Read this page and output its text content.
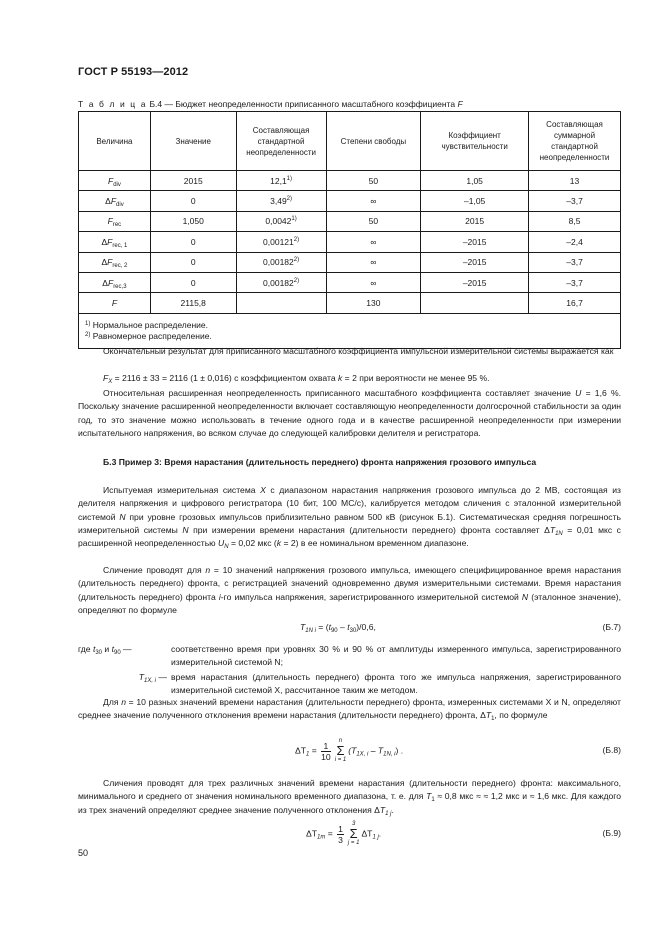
ГОСТ Р 55193—2012
Т а б л и ц а Б.4 — Бюджет неопределенности приписанного масштабного коэффициента F
Величина	Значение	Составляющая стандартной неопределенности	Степени свободы	Коэффициент чувствительности	Составляющая суммарной стандартной неопределенности
$F_{div}$	2015	12,1$^{1)}$	50	1,05	13
$\Delta F_{div}$	0	3,49$^{2)}$	∞	–1,05	–3,7
$F_{rec}$	1,050	0,0042$^{1)}$	50	2015	8,5
$\Delta F_{rec, 1}$	0	0,00121$^{2)}$	∞	–2015	–2,4
$\Delta F_{rec, 2}$	0	0,00182$^{2)}$	∞	–2015	–3,7
$\Delta F_{rec,3}$	0	0,00182$^{2)}$	∞	–2015	–3,7
F	2115,8		130		16,7

$^{1)}$ Нормальное распределение.
$^{2)}$ Равномерное распределение.					
Окончательный результат для приписанного масштабного коэффициента импульсной измерительной системы выражается как
$F_X = 2116 \pm 33 = 2116$ (1 ± 0,016) с коэффициентом охвата k = 2 при вероятности не менее 95 %.
Относительная расширенная неопределенность приписанного масштабного коэффициента составляет значение U = 1,6 %. Поскольку значение расширенной неопределенности включает составляющую неопределенности долгосрочной стабильности за один год, то это значение можно использовать в течение одного года и в качестве расширенной неопределенности при измерении испытательного напряжения, во всяком случае до следующей калибровки делителя и регистратора.
Б.3 Пример 3: Время нарастания (длительность переднего) фронта напряжения грозового импульса
Испытуемая измерительная система X с диапазоном нарастания напряжения грозового импульса до 2 МВ, состоящая из делителя напряжения и цифрового регистратора (10 бит, 100 МС/с), калибруется методом сличения с эталонной измерительной системой N при уровне грозовых импульсов приблизительно равном 500 кВ (рисунок Б.1). Систематическая средняя погрешность измерительной системы N при измерении времени нарастания (длительности переднего) фронта составляет $\Delta T_{1N} = 0,01$ мкс с расширенной неопределенностью $U_N = 0,02$ мкс (k = 2) в ее номинальном временном диапазоне.
Сличение проводят для n = 10 значений напряжения грозового импульса, имеющего специфицированное время нарастания (длительность переднего) фронта, с регистрацией значений одновременно двумя измерительными системами. Время нарастания (длительность переднего) фронта i-го импульса напряжения, зарегистрированного измерительной системой N (эталонное значение), определяют по формуле
$T_{1N i} = (t_{90} - t_{30})/0,6$,	(Б.7)
где $t_{30}$ и $t_{90}$ —	соответственно время при уровнях 30 % и 90 % от амплитуды измеренного импульса, зарегистрированного измерительной системой N;
$T_{1X, i}$ — время нарастания (длительность переднего) фронта того же импульса напряжения, зарегистрированного измерительной системой X, рассчитанное таким же методом.
Для n = 10 разных значений времени нарастания (длительности переднего) фронта, измеренных системами X и N, определяют среднее значение полученного отклонения времени нарастания (длительности переднего) фронта, $\Delta T_1$, по формуле
$\Delta T_1 = \frac{1}{10}$	n
Σ
i = 1
$(T_{1X, i} - T_{1N, i})$ .	(Б.8)
Сличения проводят для трех различных значений времени нарастания (длительности переднего) фронта: максимального, минимального и среднего от значения номинального временного диапазона, т. е. для $T_1 \approx 0,8$ мкс ≈ ≈ 1,2 мкс и ≈ 1,6 мкс. Для каждого из трех значений определяют среднее значение полученного отклонения $\Delta T_{1 j}$.
$\Delta T_{1m} = \frac{1}{3}$	3
Σ
j = 1
$\Delta T_{1 j}$.	(Б.9)
50
